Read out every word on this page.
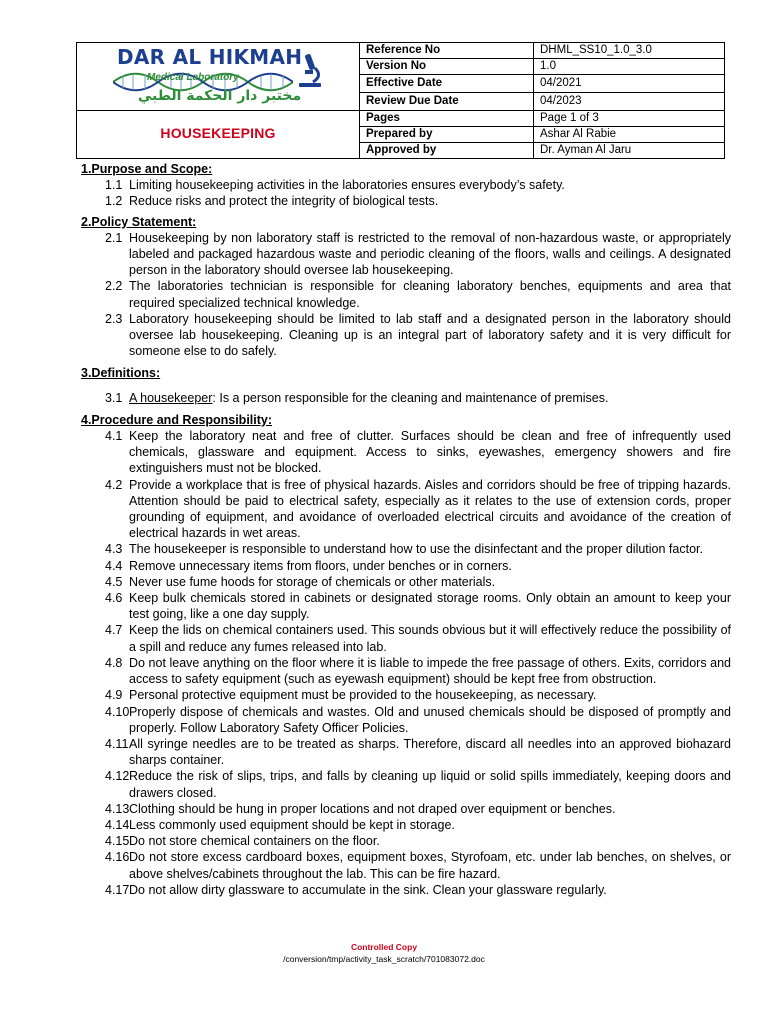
DAR AL HIKMAH
Medical Laboratory
مختبر دار الحكمة الطبي	Reference No	DHML_SS10_1.0_3.0
	Version No	1.0
	Effective Date	04/2021
	Review Due Date	04/2023
HOUSEKEEPING	Pages	Page 1 of 3
	Prepared by	Ashar Al Rabie
	Approved by	Dr. Ayman Al Jaru
1.Purpose and Scope:
1.1 Limiting housekeeping activities in the laboratories ensures everybody’s safety.
1.2 Reduce risks and protect the integrity of biological tests.
2.Policy Statement:
2.1 Housekeeping by non laboratory staff is restricted to the removal of non-hazardous waste, or appropriately labeled and packaged hazardous waste and periodic cleaning of the floors, walls and ceilings. A designated person in the laboratory should oversee lab housekeeping.
2.2 The laboratories technician is responsible for cleaning laboratory benches, equipments and area that required specialized technical knowledge.
2.3 Laboratory housekeeping should be limited to lab staff and a designated person in the laboratory should oversee lab housekeeping. Cleaning up is an integral part of laboratory safety and it is very difficult for someone else to do safely.
3.Definitions:
3.1 A housekeeper: Is a person responsible for the cleaning and maintenance of premises.
4.Procedure and Responsibility:
4.1 Keep the laboratory neat and free of clutter. Surfaces should be clean and free of infrequently used chemicals, glassware and equipment. Access to sinks, eyewashes, emergency showers and fire extinguishers must not be blocked.
4.2 Provide a workplace that is free of physical hazards. Aisles and corridors should be free of tripping hazards. Attention should be paid to electrical safety, especially as it relates to the use of extension cords, proper grounding of equipment, and avoidance of overloaded electrical circuits and avoidance of the creation of electrical hazards in wet areas.
4.3 The housekeeper is responsible to understand how to use the disinfectant and the proper dilution factor.
4.4 Remove unnecessary items from floors, under benches or in corners.
4.5 Never use fume hoods for storage of chemicals or other materials.
4.6 Keep bulk chemicals stored in cabinets or designated storage rooms. Only obtain an amount to keep your test going, like a one day supply.
4.7 Keep the lids on chemical containers used. This sounds obvious but it will effectively reduce the possibility of a spill and reduce any fumes released into lab.
4.8 Do not leave anything on the floor where it is liable to impede the free passage of others. Exits, corridors and access to safety equipment (such as eyewash equipment) should be kept free from obstruction.
4.9 Personal protective equipment must be provided to the housekeeping, as necessary.
4.10 Properly dispose of chemicals and wastes. Old and unused chemicals should be disposed of promptly and properly. Follow Laboratory Safety Officer Policies.
4.11 All syringe needles are to be treated as sharps. Therefore, discard all needles into an approved biohazard sharps container.
4.12 Reduce the risk of slips, trips, and falls by cleaning up liquid or solid spills immediately, keeping doors and drawers closed.
4.13 Clothing should be hung in proper locations and not draped over equipment or benches.
4.14 Less commonly used equipment should be kept in storage.
4.15 Do not store chemical containers on the floor.
4.16 Do not store excess cardboard boxes, equipment boxes, Styrofoam, etc. under lab benches, on shelves, or above shelves/cabinets throughout the lab. This can be fire hazard.
4.17 Do not allow dirty glassware to accumulate in the sink. Clean your glassware regularly.
Controlled Copy
/conversion/tmp/activity_task_scratch/701083072.doc
